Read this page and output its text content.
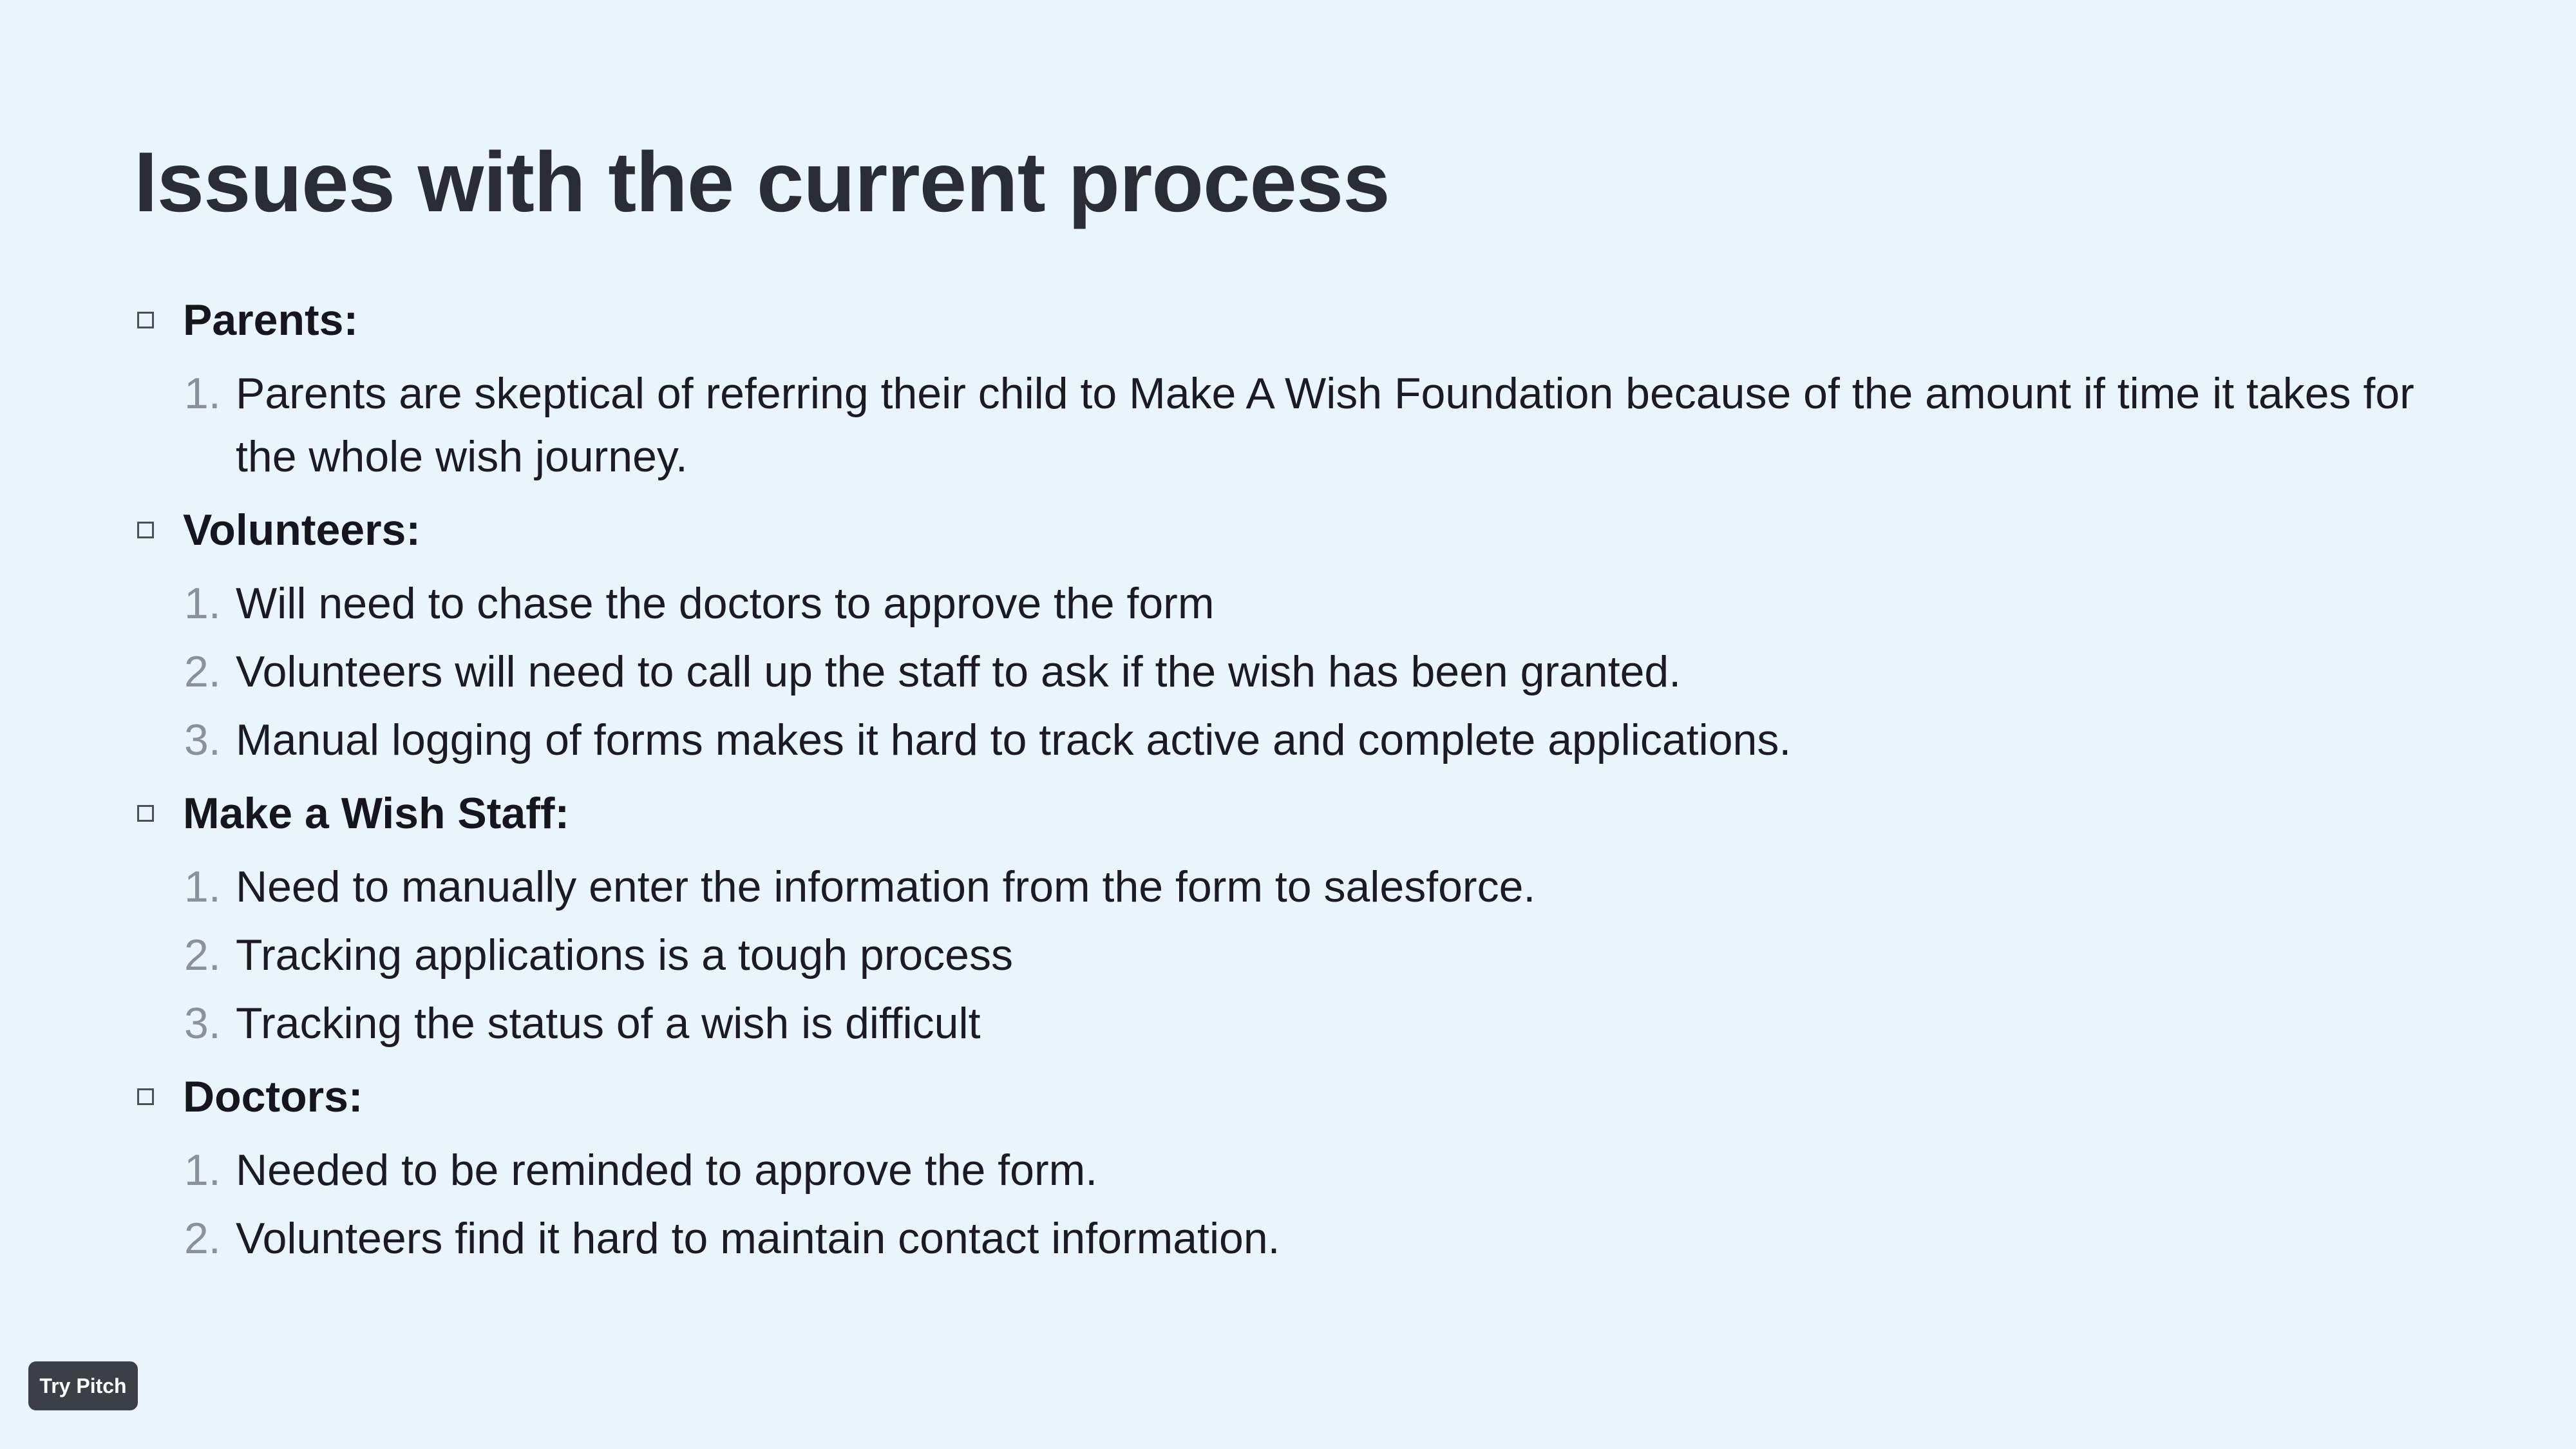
Issues with the current process
Parents:
1. Parents are skeptical of referring their child to Make A Wish Foundation because of the amount if time it takes for the whole wish journey.
Volunteers:
1. Will need to chase the doctors to approve the form
2. Volunteers will need to call up the staff to ask if the wish has been granted.
3. Manual logging of forms makes it hard to track active and complete applications.
Make a Wish Staff:
1. Need to manually enter the information from the form to salesforce.
2. Tracking applications is a tough process
3. Tracking the status of a wish is difficult
Doctors:
1. Needed to be reminded to approve the form.
2. Volunteers find it hard to maintain contact information.
Try Pitch
